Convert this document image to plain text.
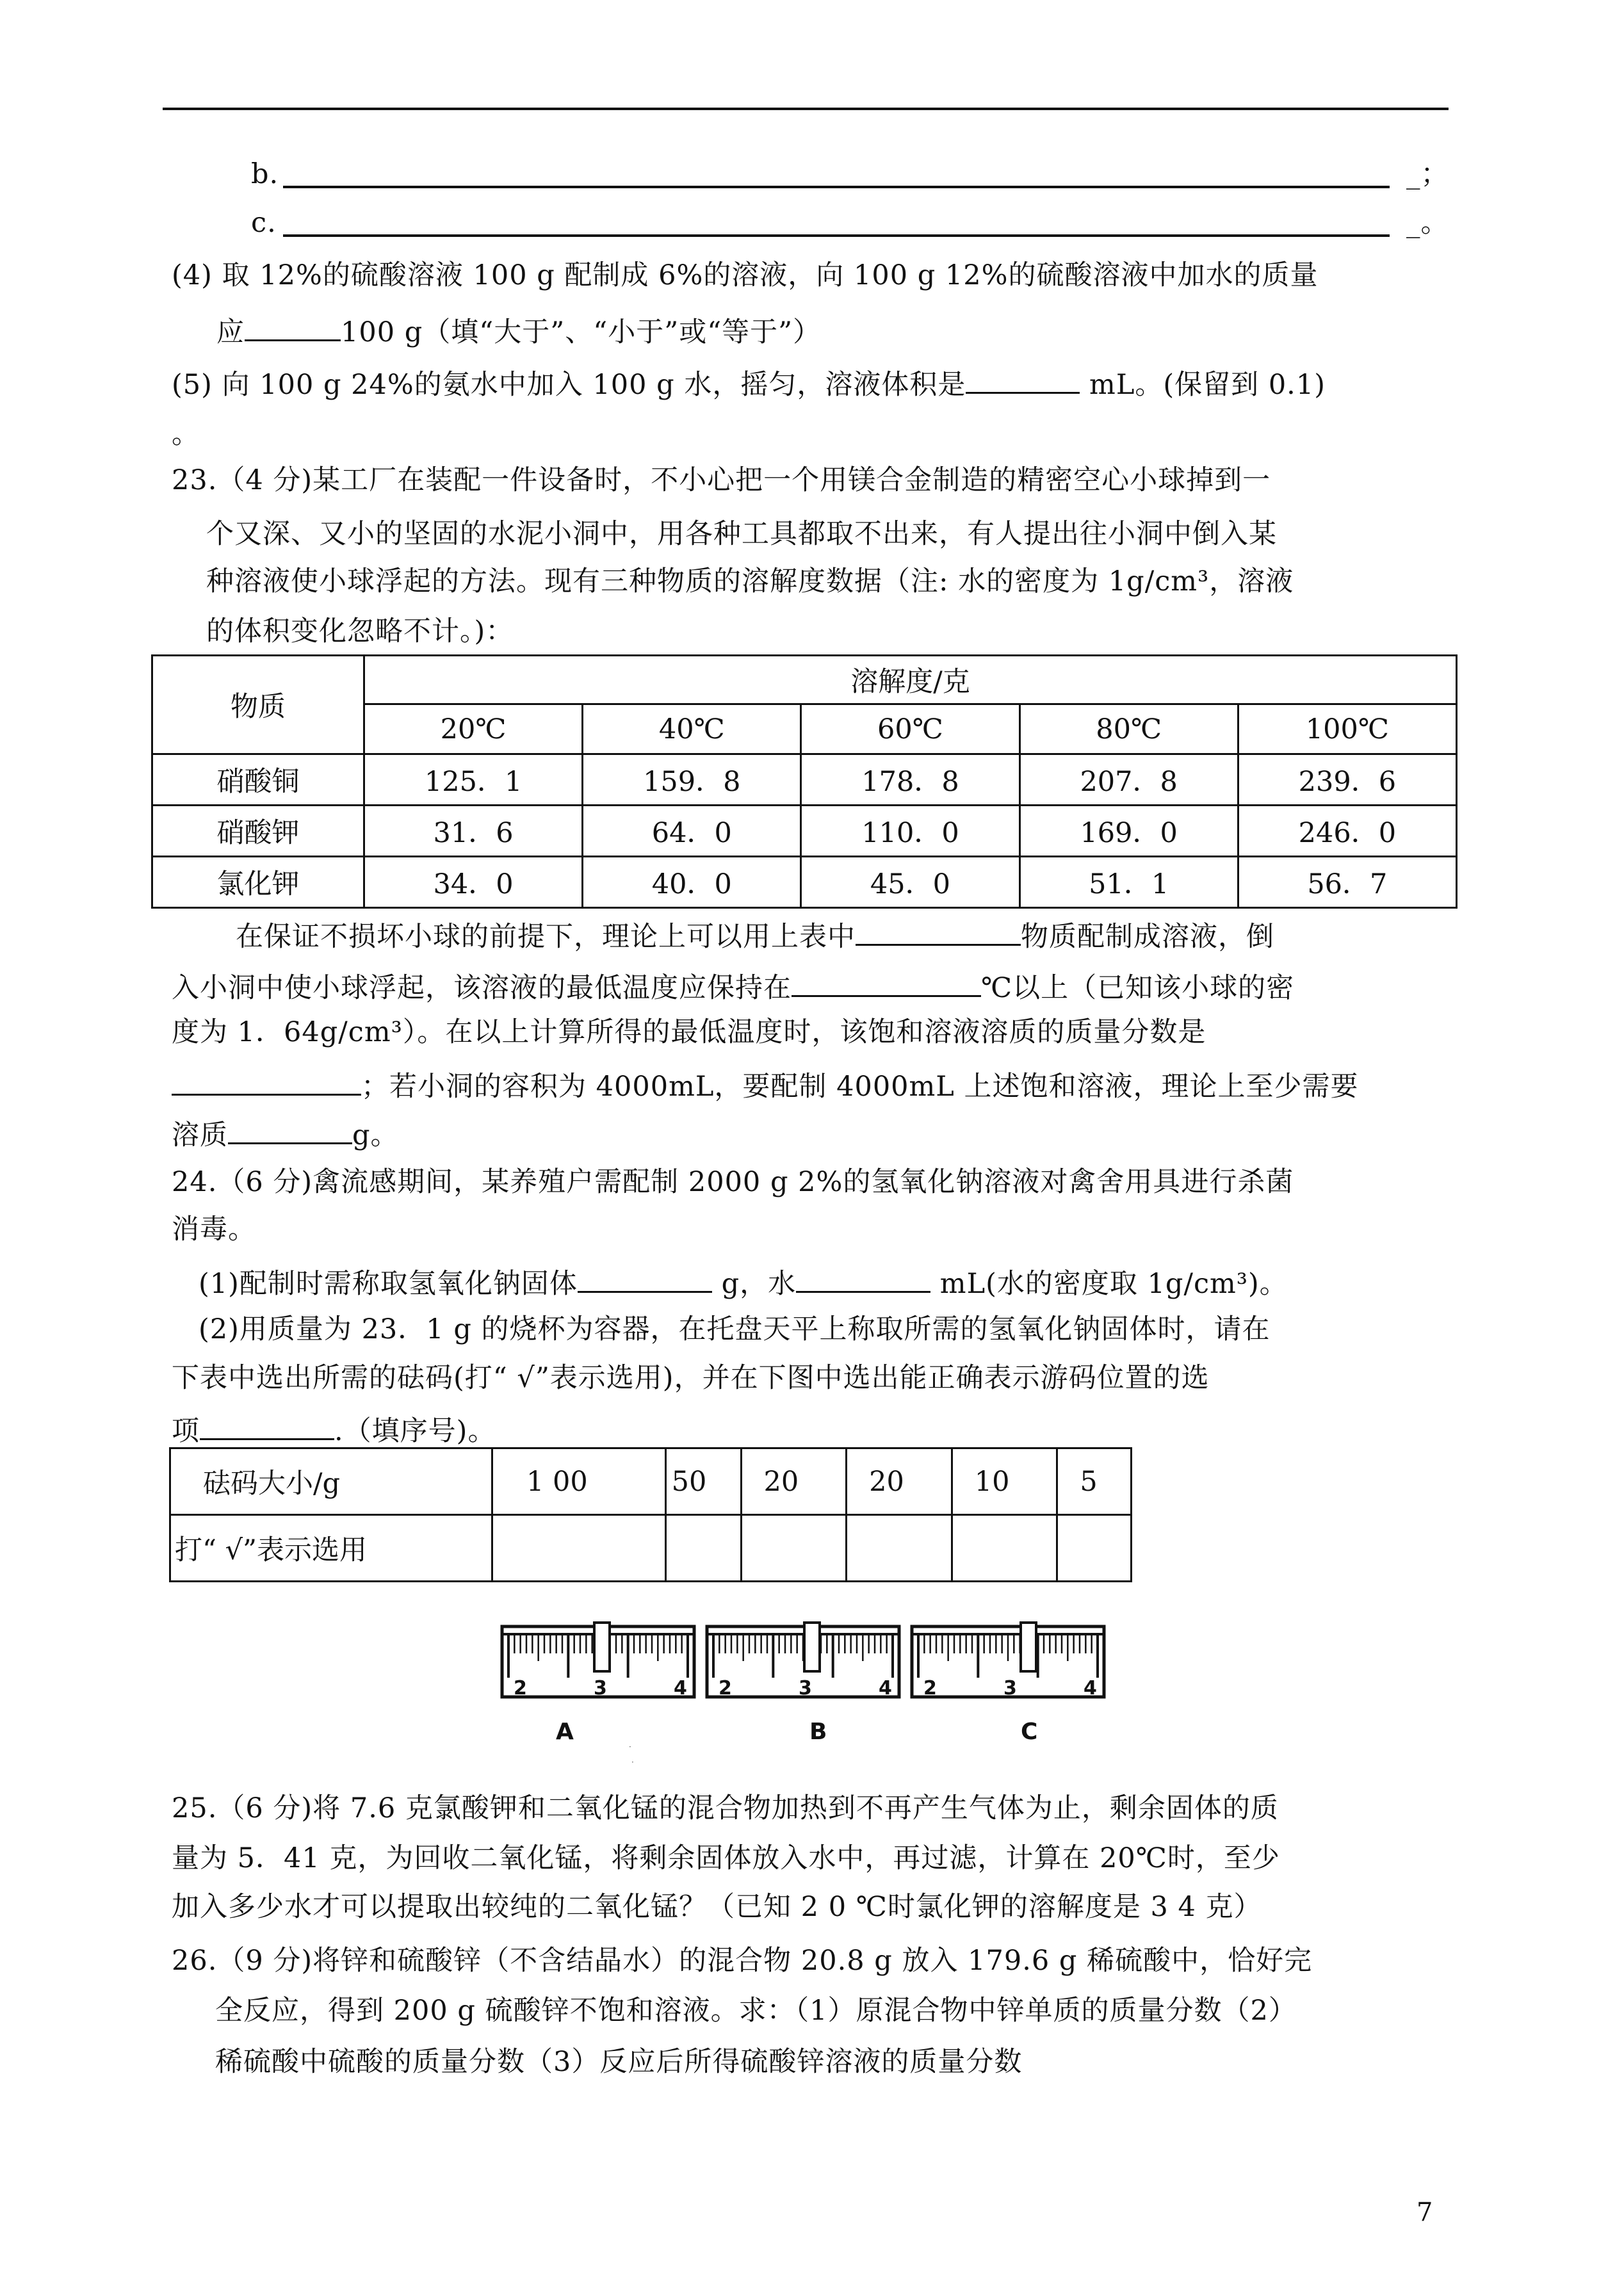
b.	_；
c.	_。
(4) 取 12%的硫酸溶液 100 g 配制成 6%的溶液，向 100 g 12%的硫酸溶液中加水的质量
应	100 g（填“大于”、“小于”或“等于”）
(5) 向 100 g 24%的氨水中加入 100 g 水，摇匀，溶液体积是	mL。(保留到 0.1)
。
23.（4 分)某工厂在装配一件设备时，不小心把一个用镁合金制造的精密空心小球掉到一
个又深、又小的坚固的水泥小洞中，用各种工具都取不出来，有人提出往小洞中倒入某
种溶液使小球浮起的方法。现有三种物质的溶解度数据（注: 水的密度为 1g/cm³，溶液
的体积变化忽略不计。)：
物质	溶解度/克				
	20℃	40℃	60℃	80℃	100℃
硝酸铜	125．1	159．8	178．8	207．8	239．6
硝酸钾	31．6	64．0	110．0	169．0	246．0
氯化钾	34．0	40．0	45．0	51．1	56．7
在保证不损坏小球的前提下，理论上可以用上表中	物质配制成溶液，倒
入小洞中使小球浮起，该溶液的最低温度应保持在	℃以上（已知该小球的密
度为 1．64g/cm³）。在以上计算所得的最低温度时，该饱和溶液溶质的质量分数是
；若小洞的容积为 4000mL，要配制 4000mL 上述饱和溶液，理论上至少需要
溶质	g。
24.（6 分)禽流感期间，某养殖户需配制 2000 g 2%的氢氧化钠溶液对禽舍用具进行杀菌
消毒。
(1)配制时需称取氢氧化钠固体	g，水	mL(水的密度取 1g/cm³)。
(2)用质量为 23．1 g 的烧杯为容器，在托盘天平上称取所需的氢氧化钠固体时，请在
下表中选出所需的砝码(打“ √”表示选用)，并在下图中选出能正确表示游码位置的选
项	.（填序号)。
砝码大小/g	1 00	50	20	20	10	5
打“ √”表示选用						
2	3	4
A
2	3	4
B
2	3	4
C
·
·
25.（6 分)将 7.6 克氯酸钾和二氧化锰的混合物加热到不再产生气体为止，剩余固体的质
量为 5．41 克，为回收二氧化锰，将剩余固体放入水中，再过滤，计算在 20℃时，至少
加入多少水才可以提取出较纯的二氧化锰？（已知 2 0 ℃时氯化钾的溶解度是 3 4 克）
26.（9 分)将锌和硫酸锌（不含结晶水）的混合物 20.8 g 放入 179.6 g 稀硫酸中，恰好完
全反应，得到 200 g 硫酸锌不饱和溶液。求：（1）原混合物中锌单质的质量分数（2）
稀硫酸中硫酸的质量分数（3）反应后所得硫酸锌溶液的质量分数
7
